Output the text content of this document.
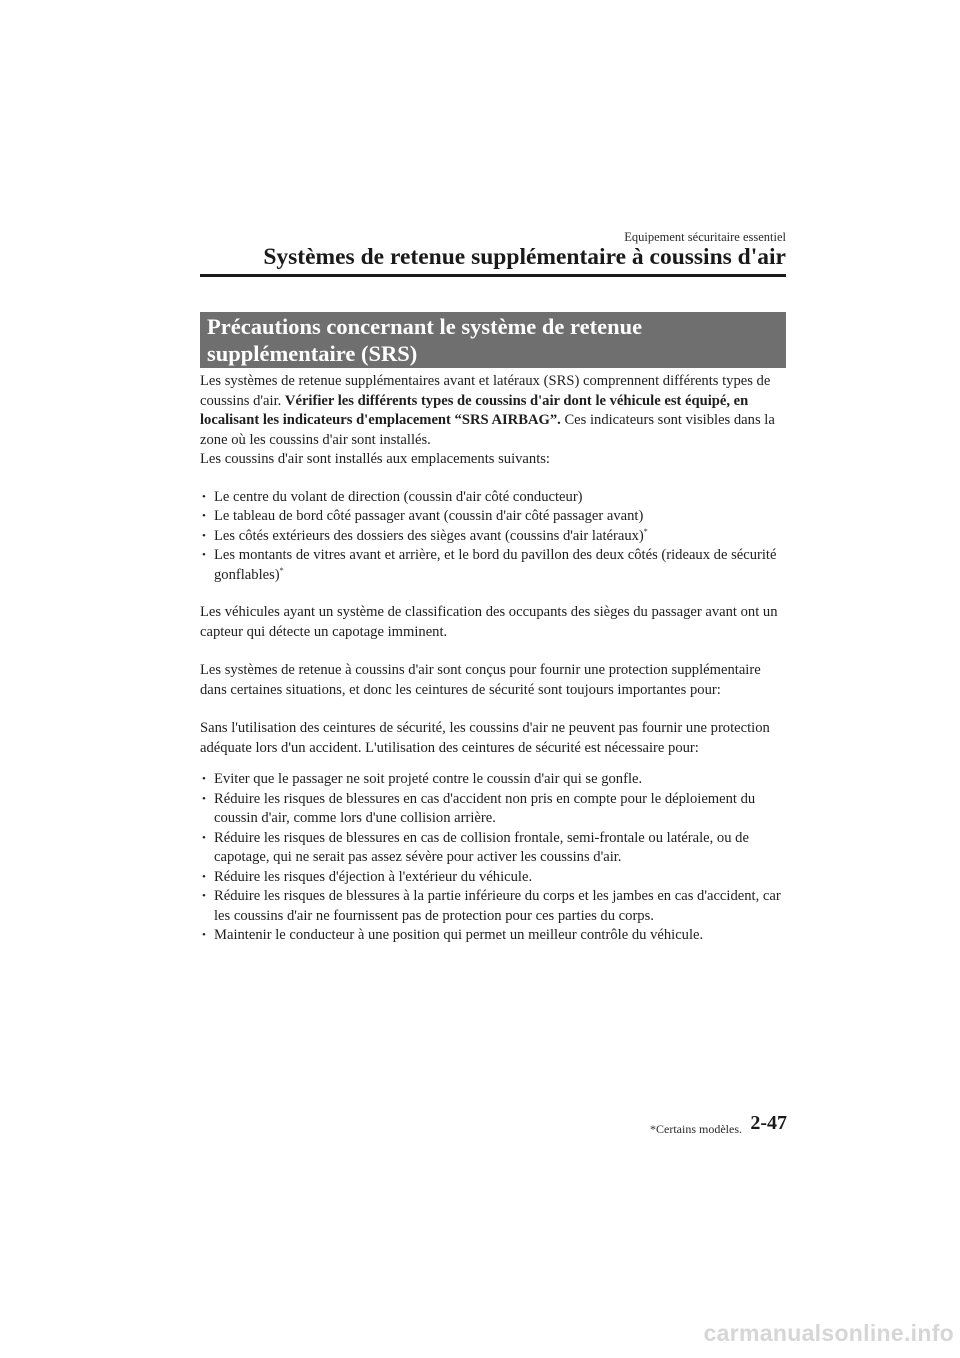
Equipement sécuritaire essentiel
Systèmes de retenue supplémentaire à coussins d'air
Précautions concernant le système de retenue
supplémentaire (SRS)

Les systèmes de retenue supplémentaires avant et latéraux (SRS) comprennent différents types de coussins d'air. Vérifier les différents types de coussins d'air dont le véhicule est équipé, en localisant les indicateurs d'emplacement “SRS AIRBAG”. Ces indicateurs sont visibles dans la zone où les coussins d'air sont installés.

Les coussins d'air sont installés aux emplacements suivants:

• Le centre du volant de direction (coussin d'air côté conducteur)
• Le tableau de bord côté passager avant (coussin d'air côté passager avant)
• Les côtés extérieurs des dossiers des sièges avant (coussins d'air latéraux)*
• Les montants de vitres avant et arrière, et le bord du pavillon des deux côtés (rideaux de sécurité gonflables)*

Les véhicules ayant un système de classification des occupants des sièges du passager avant ont un capteur qui détecte un capotage imminent.

Les systèmes de retenue à coussins d'air sont conçus pour fournir une protection supplémentaire dans certaines situations, et donc les ceintures de sécurité sont toujours importantes pour:

Sans l'utilisation des ceintures de sécurité, les coussins d'air ne peuvent pas fournir une protection adéquate lors d'un accident. L'utilisation des ceintures de sécurité est nécessaire pour:

• Eviter que le passager ne soit projeté contre le coussin d'air qui se gonfle.
• Réduire les risques de blessures en cas d'accident non pris en compte pour le déploiement du coussin d'air, comme lors d'une collision arrière.
• Réduire les risques de blessures en cas de collision frontale, semi-frontale ou latérale, ou de capotage, qui ne serait pas assez sévère pour activer les coussins d'air.
• Réduire les risques d'éjection à l'extérieur du véhicule.
• Réduire les risques de blessures à la partie inférieure du corps et les jambes en cas d'accident, car les coussins d'air ne fournissent pas de protection pour ces parties du corps.
• Maintenir le conducteur à une position qui permet un meilleur contrôle du véhicule.
*Certains modèles. 2-47
carmanualsonline.info
